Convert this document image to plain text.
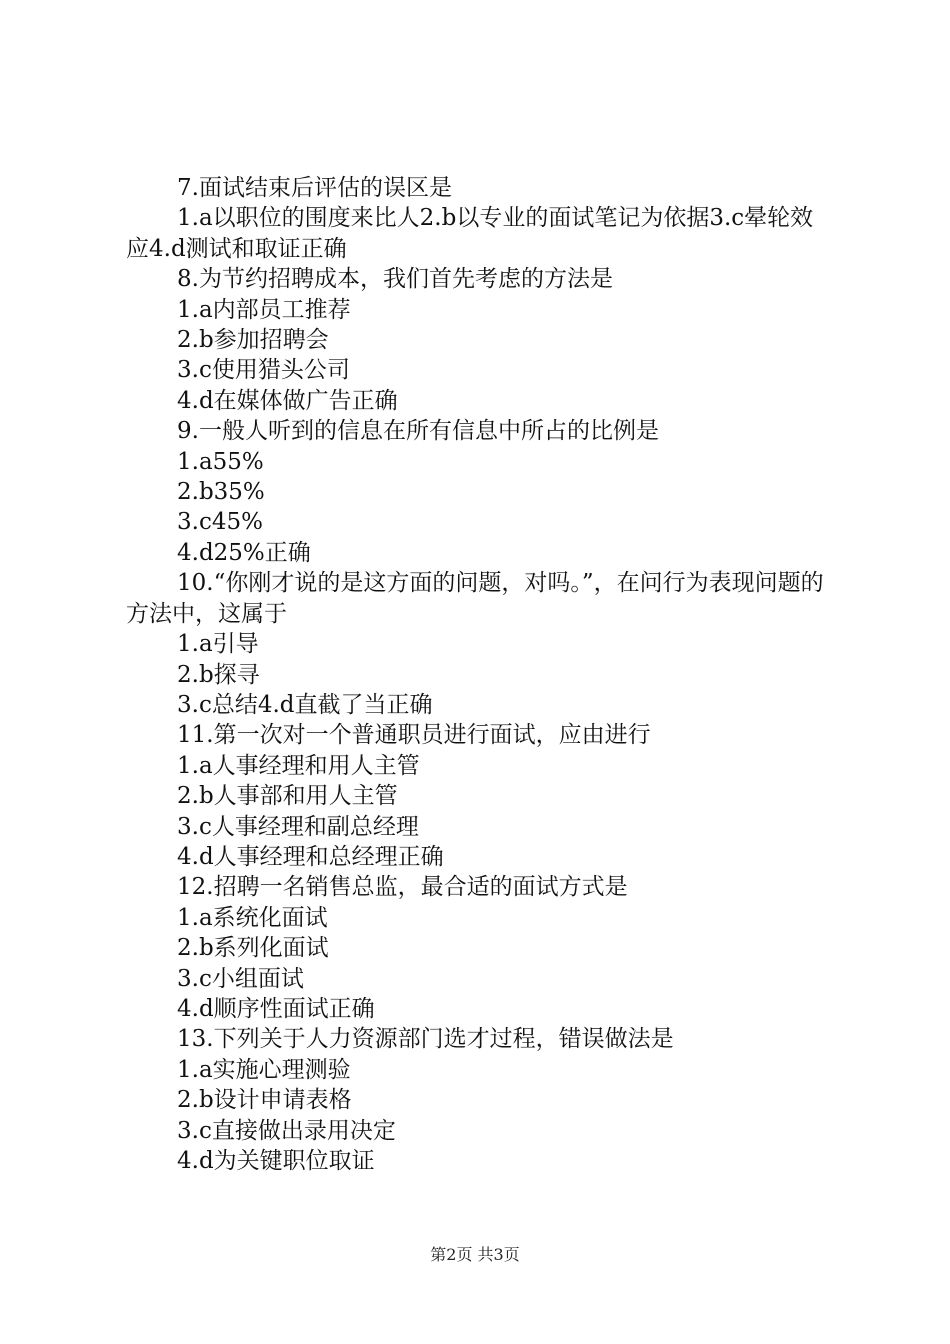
7.面试结束后评估的误区是
1.a以职位的围度来比人2.b以专业的面试笔记为依据3.c晕轮效应4.d测试和取证正确
8.为节约招聘成本，我们首先考虑的方法是
1.a内部员工推荐
2.b参加招聘会
3.c使用猎头公司
4.d在媒体做广告正确
9.一般人听到的信息在所有信息中所占的比例是
1.a55%
2.b35%
3.c45%
4.d25%正确
10.“你刚才说的是这方面的问题，对吗。”，在问行为表现问题的方法中，这属于
1.a引导
2.b探寻
3.c总结4.d直截了当正确
11.第一次对一个普通职员进行面试，应由进行
1.a人事经理和用人主管
2.b人事部和用人主管
3.c人事经理和副总经理
4.d人事经理和总经理正确
12.招聘一名销售总监，最合适的面试方式是
1.a系统化面试
2.b系列化面试
3.c小组面试
4.d顺序性面试正确
13.下列关于人力资源部门选才过程，错误做法是
1.a实施心理测验
2.b设计申请表格
3.c直接做出录用决定
4.d为关键职位取证
第2页 共3页
